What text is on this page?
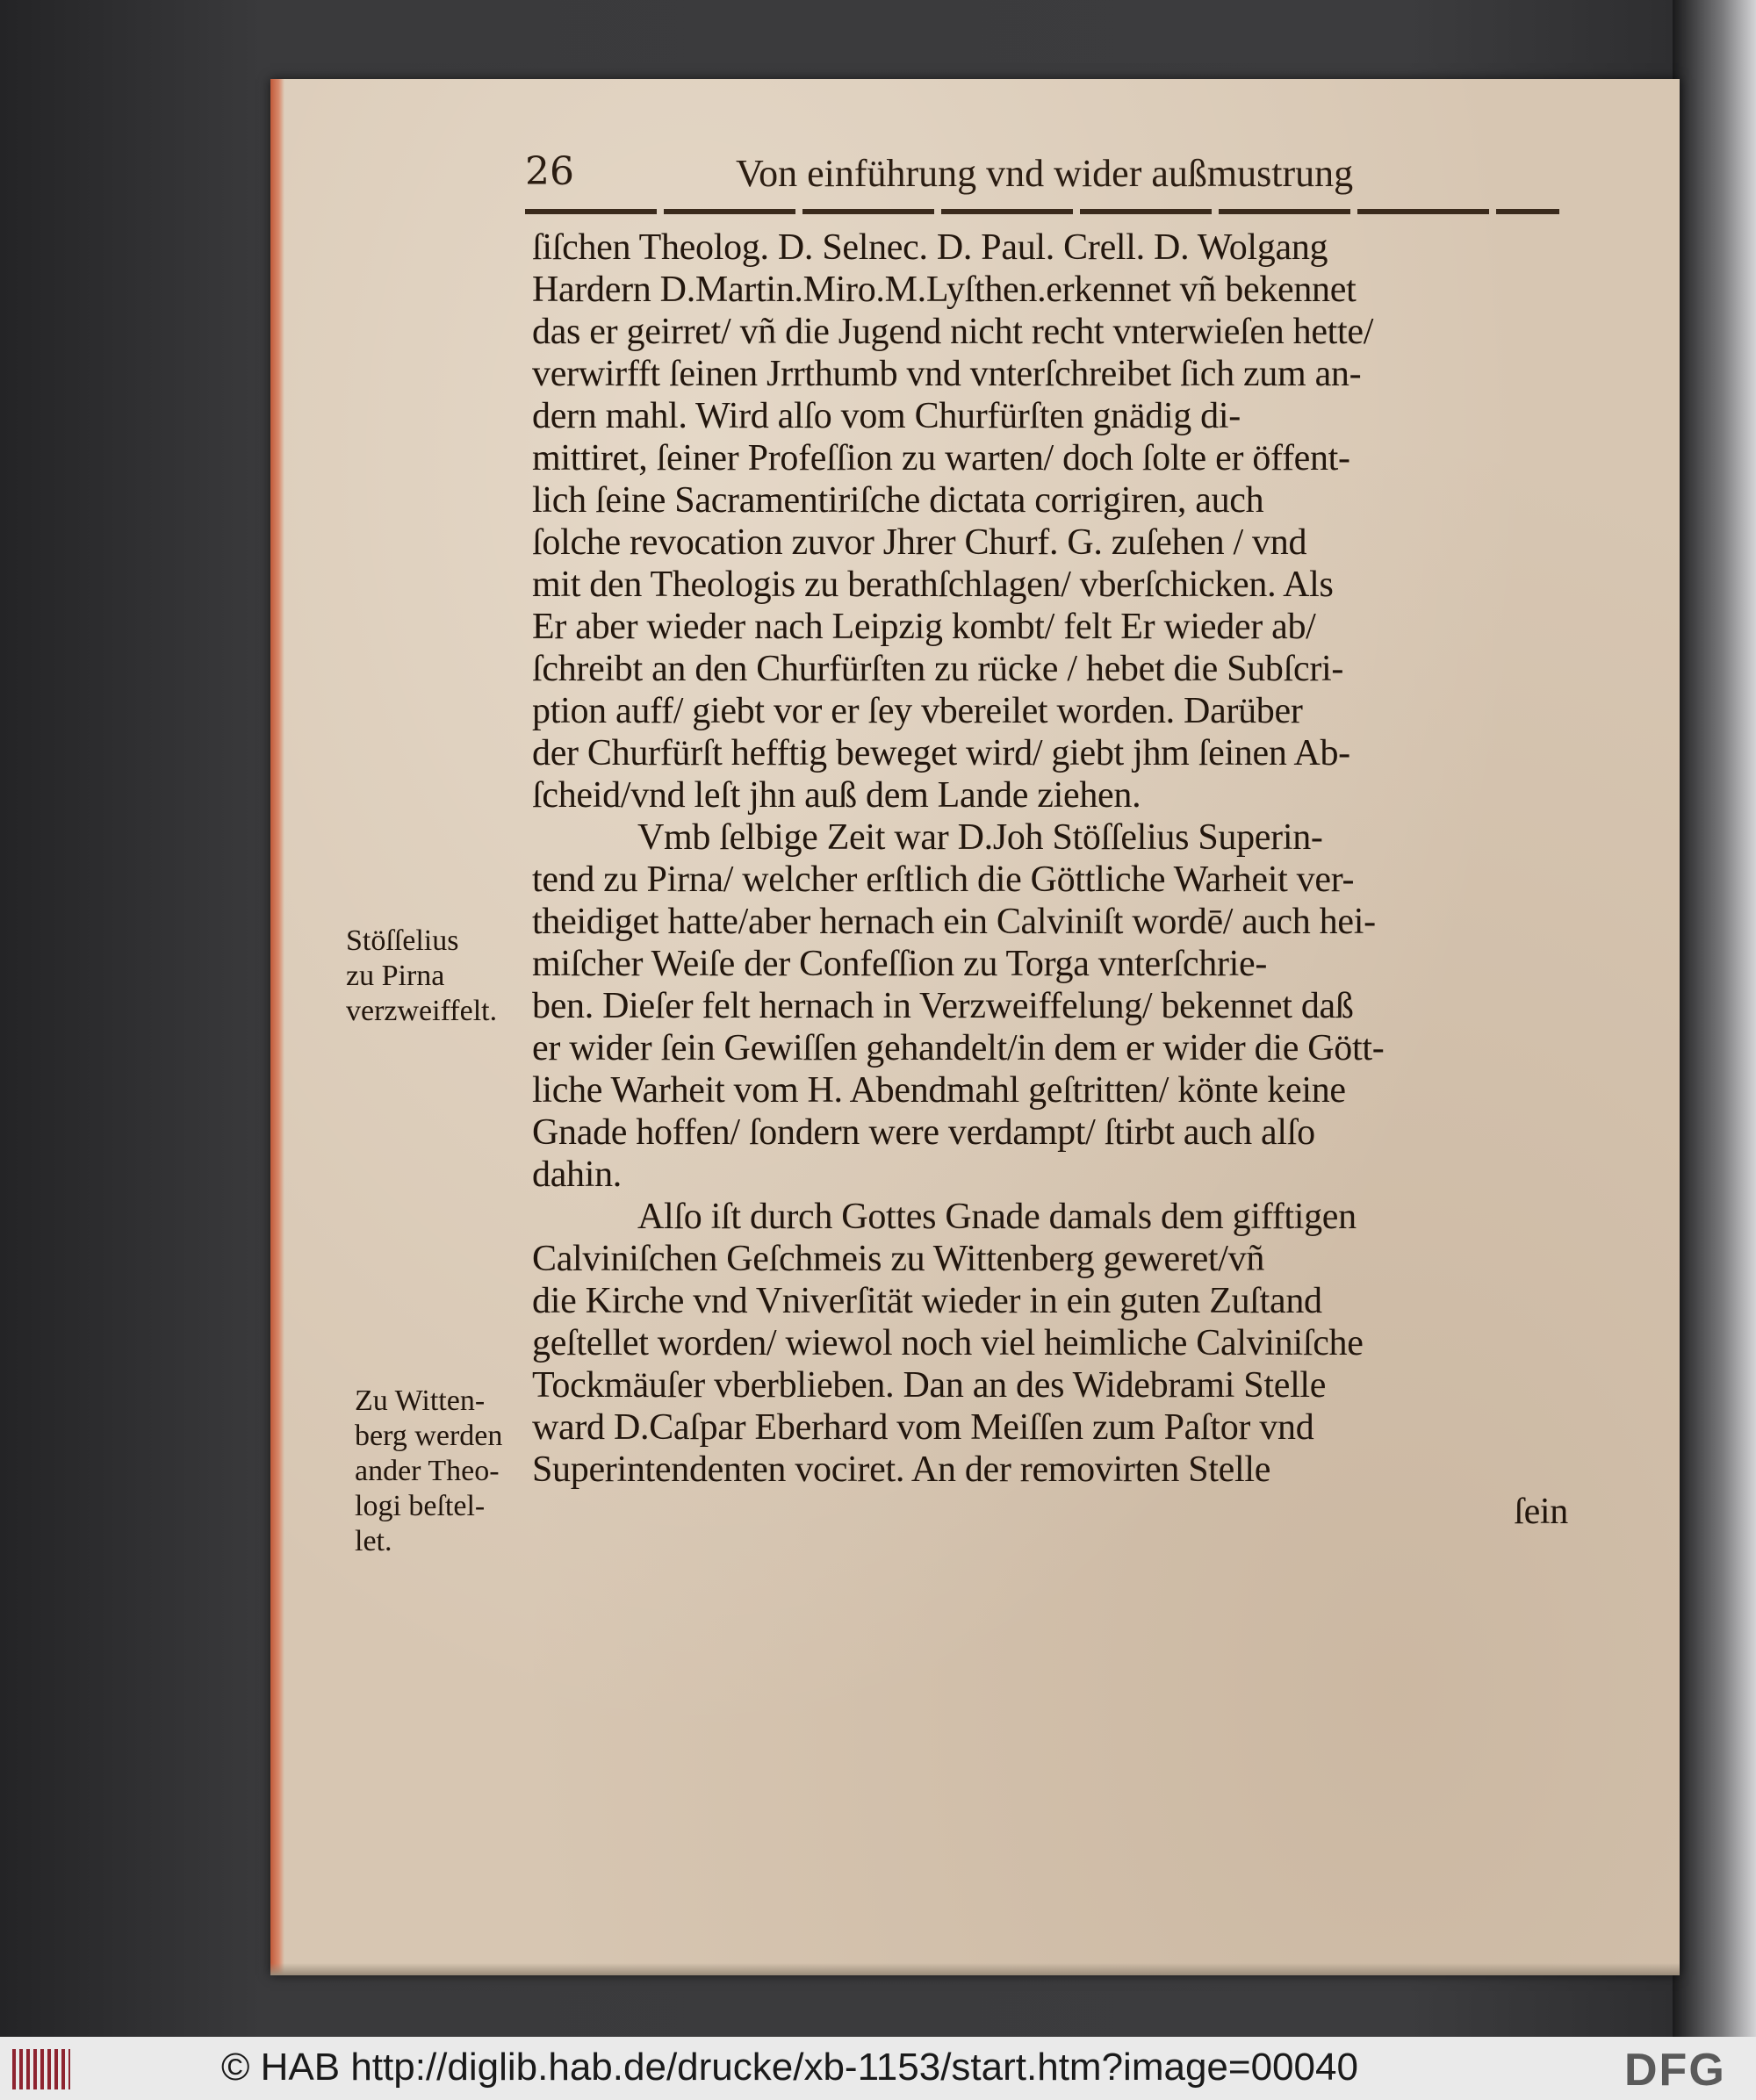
26	Von einführung vnd wider außmustrung
ſiſchen Theolog. D. Selnec. D. Paul. Crell. D. Wolgang
Hardern D.Martin.Miro.M.Lyſthen.erkennet vñ bekennet
das er geirret/ vñ die Jugend nicht recht vnterwieſen hette/
verwirfft ſeinen Jrrthumb vnd vnterſchreibet ſich zum an-
dern mahl. Wird alſo vom Churfürſten gnädig di-
mittiret, ſeiner Profeſſion zu warten/ doch ſolte er öffent-
lich ſeine Sacramentiriſche dictata corrigiren, auch
ſolche revocation zuvor Jhrer Churf. G. zuſehen / vnd
mit den Theologis zu berathſchlagen/ vberſchicken. Als
Er aber wieder nach Leipzig kombt/ felt Er wieder ab/
ſchreibt an den Churfürſten zu rücke / hebet die Subſcri-
ption auff/ giebt vor er ſey vbereilet worden. Darüber
der Churfürſt hefftig beweget wird/ giebt jhm ſeinen Ab-
ſcheid/vnd leſt jhn auß dem Lande ziehen.
Vmb ſelbige Zeit war D.Joh Stöſſelius Superin-
tend zu Pirna/ welcher erſtlich die Göttliche Warheit ver-
theidiget hatte/aber hernach ein Calviniſt wordē/ auch hei-
miſcher Weiſe der Confeſſion zu Torga vnterſchrie-
ben. Dieſer felt hernach in Verzweiffelung/ bekennet daß
er wider ſein Gewiſſen gehandelt/in dem er wider die Gött-
liche Warheit vom H. Abendmahl geſtritten/ könte keine
Gnade hoffen/ ſondern were verdampt/ ſtirbt auch alſo
dahin.
Alſo iſt durch Gottes Gnade damals dem gifftigen
Calviniſchen Geſchmeis zu Wittenberg geweret/vñ
die Kirche vnd Vniverſität wieder in ein guten Zuſtand
geſtellet worden/ wiewol noch viel heimliche Calviniſche
Tockmäuſer vberblieben. Dan an des Widebrami Stelle
ward D.Caſpar Eberhard vom Meiſſen zum Paſtor vnd
Superintendenten vociret. An der removirten Stelle
ſein
Stöſſelius
zu Pirna
verzweiffelt.
Zu Witten-
berg werden
ander Theo-
logi beſtel-
let.
© HAB http://diglib.hab.de/drucke/xb-1153/start.htm?image=00040	DFG
